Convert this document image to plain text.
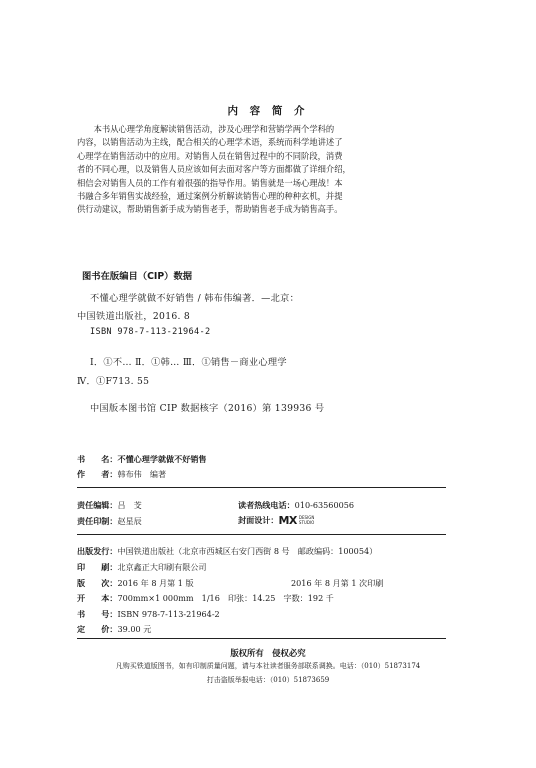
内 容 简 介

　　本书从心理学角度解读销售活动，涉及心理学和营销学两个学科的

内容，以销售活动为主线，配合相关的心理学术语，系统而科学地讲述了

心理学在销售活动中的应用。对销售人员在销售过程中的不同阶段，消费

者的不同心理，以及销售人员应该如何去面对客户等方面都做了详细介绍，

相信会对销售人员的工作有着很强的指导作用。销售就是一场心理战！本

书融合多年销售实战经验，通过案例分析解读销售心理的种种玄机，并提

供行动建议，帮助销售新手成为销售老手，帮助销售老手成为销售高手。

图书在版编目（CIP）数据
不懂心理学就做不好销售 / 韩布伟编著．—北京：
中国铁道出版社，2016. 8
ISBN 978-7-113-21964-2
Ⅰ．①不… Ⅱ．①韩… Ⅲ．①销售－商业心理学
Ⅳ．①F713. 55
中国版本图书馆 CIP 数据核字（2016）第 139936 号
书　　名：不懂心理学就做不好销售
作　　者：韩布伟　编著
责任编辑：吕　芠	读者热线电话：010-63560056
责任印制：赵星辰	封面设计：MX DESIGN
STUDIO
出版发行：中国铁道出版社（北京市西城区右安门西街 8 号　邮政编码：100054）
印　　刷：北京鑫正大印刷有限公司
版　　次：2016 年 8 月第 1 版	2016 年 8 月第 1 次印刷
开　　本：700mm×1 000mm　1/16　印张：14.25　字数：192 千
书　　号：ISBN 978-7-113-21964-2
定　　价：39.00 元
版权所有　侵权必究
凡购买铁道版图书，如有印制质量问题，请与本社读者服务部联系调换。电话：（010）51873174
打击盗版举报电话：（010）51873659
